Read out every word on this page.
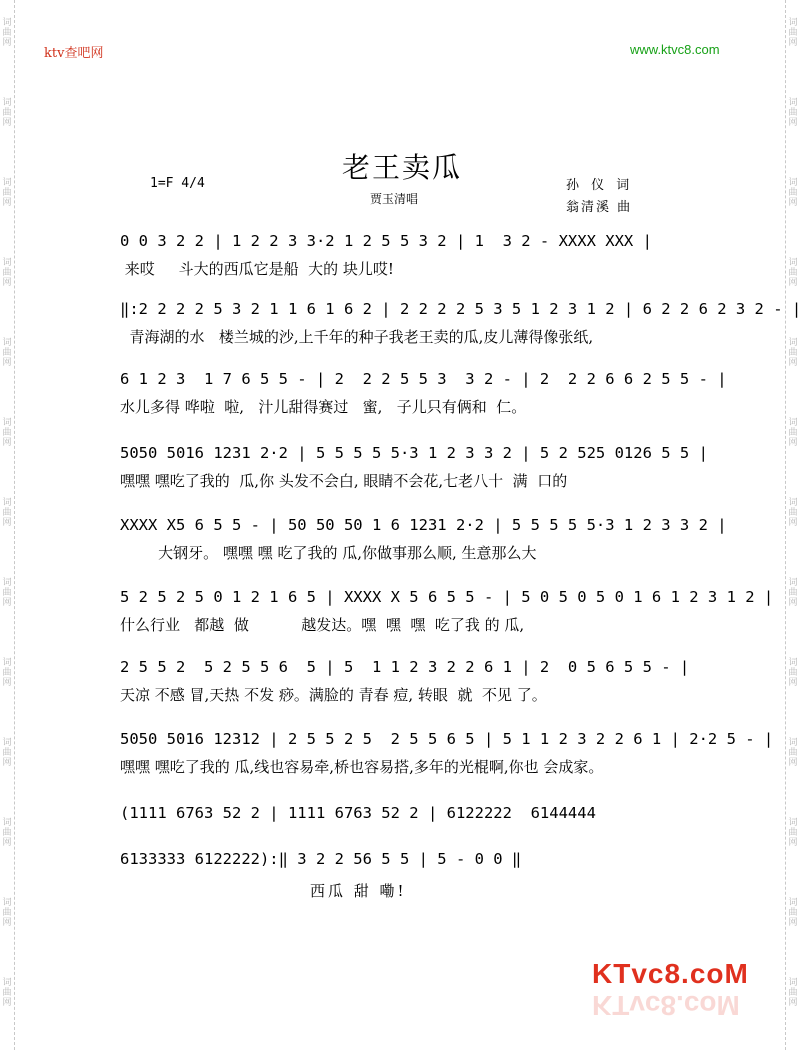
词
曲
网
词
曲
网
词
曲
网
词
曲
网
词
曲
网
词
曲
网
词
曲
网
词
曲
网
词
曲
网
词
曲
网
词
曲
网
词
曲
网
词
曲
网
词
曲
网
词
曲
网
词
曲
网
词
曲
网
词
曲
网
词
曲
网
词
曲
网
词
曲
网
词
曲
网
词
曲
网
词
曲
网
词
曲
网
词
曲
网
ktv查吧网	www.ktvc8.com
老王卖瓜
1=F 4/4
贾玉清唱
孙 仪 词
翁清溪 曲
0 0 3 2 2 | 1 2 2 3 3·2 1 2 5 5 3 2 | 1  3 2 - XXXX XXX |
来哎     斗大的西瓜它是船  大的 块儿哎!
‖:2 2 2 2 5 3 2 1 1 6 1 6 2 | 2 2 2 2 5 3 5 1 2 3 1 2 | 6 2 2 6 2 3 2 - |
青海湖的水   楼兰城的沙,上千年的种子我老王卖的瓜,皮儿薄得像张纸,
6 1 2 3  1 7 6 5 5 - | 2  2 2 5 5 3  3 2 - | 2  2 2 6 6 2 5 5 - |
水儿多得 哗啦  啦,   汁儿甜得赛过   蜜,   子儿只有俩和  仁。
5050 5016 1231 2·2 | 5 5 5 5 5·3 1 2 3 3 2 | 5 2 525 0126 5 5 |
嘿嘿 嘿吃了我的  瓜,你 头发不会白, 眼睛不会花,七老八十  满  口的
XXXX X5 6 5 5 - | 50 50 50 1 6 1231 2·2 | 5 5 5 5 5·3 1 2 3 3 2 |
大钢牙。 嘿嘿 嘿 吃了我的 瓜,你做事那么顺, 生意那么大
5 2 5 2 5 0 1 2 1 6 5 | XXXX X 5 6 5 5 - | 5 0 5 0 5 0 1 6 1 2 3 1 2 |
什么行业   都越  做           越发达。嘿  嘿  嘿  吃了我 的 瓜,
2 5 5 2  5 2 5 5 6  5 | 5  1 1 2 3 2 2 6 1 | 2  0 5 6 5 5 - |
天凉 不感 冒,天热 不发 痧。满脸的 青春 痘, 转眼  就  不见 了。
5050 5016 12312 | 2 5 5 2 5  2 5 5 6 5 | 5 1 1 2 3 2 2 6 1 | 2·2 5 - |
嘿嘿 嘿吃了我的 瓜,线也容易牵,桥也容易搭,多年的光棍啊,你也 会成家。
(1111 6763 52 2 | 1111 6763 52 2 | 6122222  6144444
6133333 6122222):‖ 3 2 2 56 5 5 | 5 - 0 0 ‖
西瓜 甜 嘞!
KTvc8.coM
KTvc8.coM
